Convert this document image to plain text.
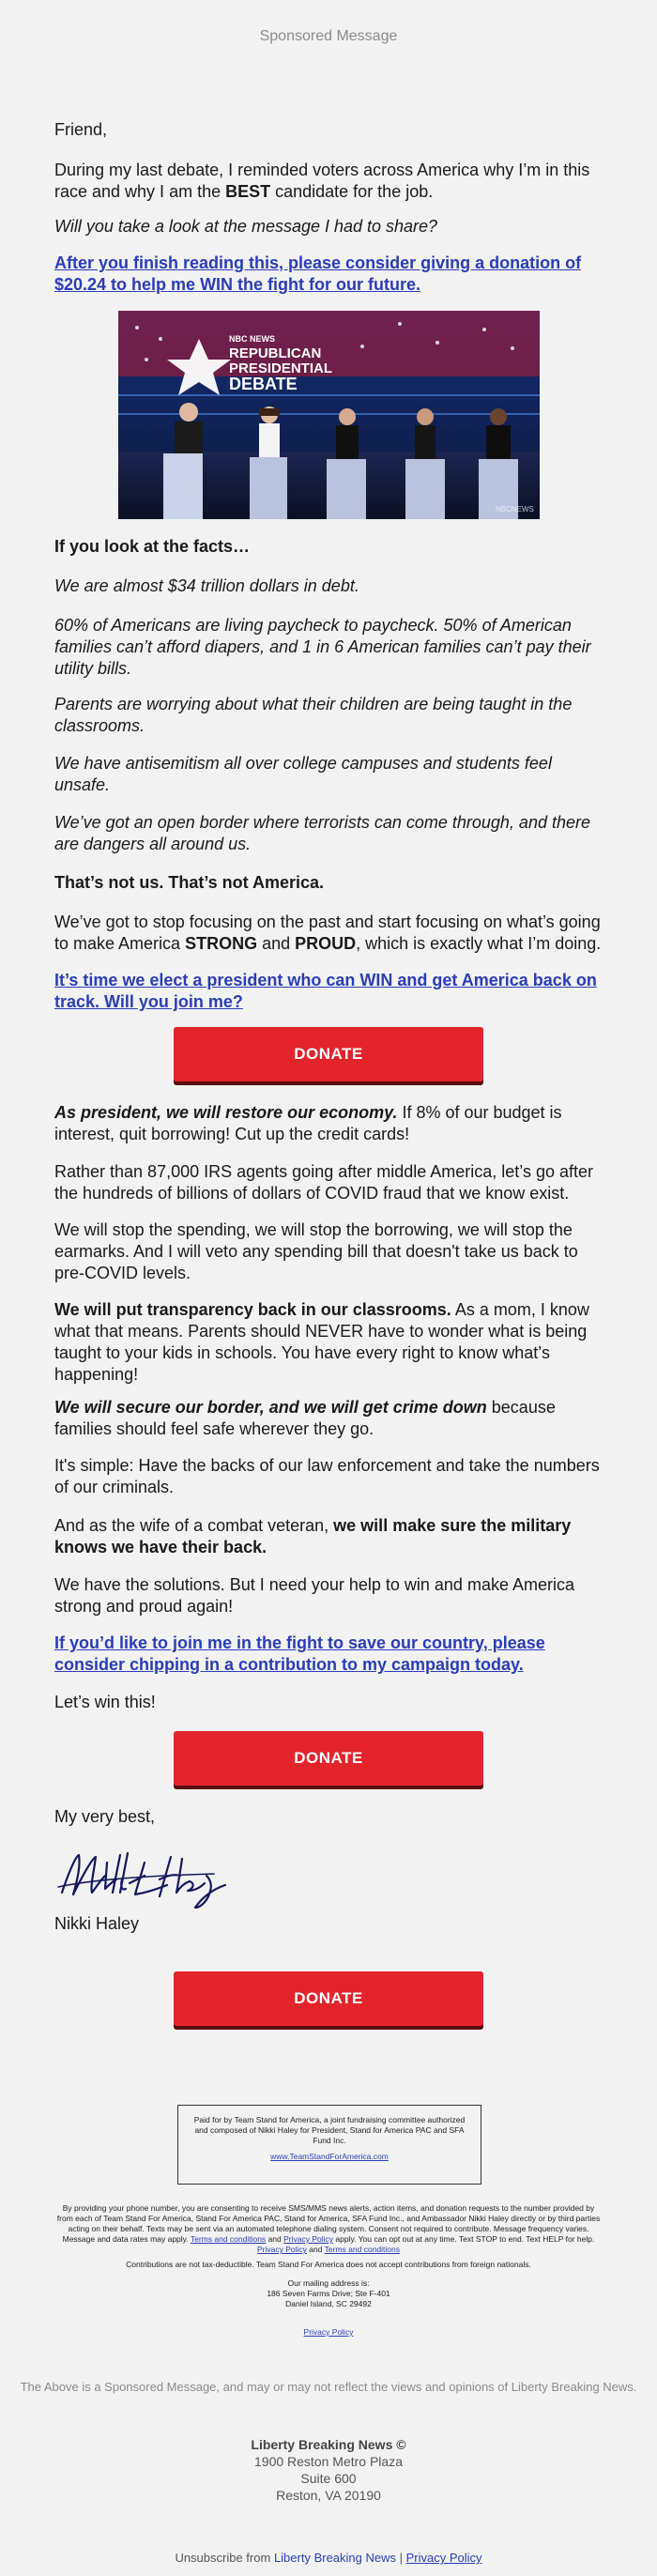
Sponsored Message
Friend,
During my last debate, I reminded voters across America why I’m in this race and why I am the BEST candidate for the job.
Will you take a look at the message I had to share?
After you finish reading this, please consider giving a donation of $20.24 to help me WIN the fight for our future.
NBC NEWS
REPUBLICAN
PRESIDENTIAL
DEBATE
NBCNEWS
If you look at the facts…
We are almost $34 trillion dollars in debt.
60% of Americans are living paycheck to paycheck. 50% of American families can’t afford diapers, and 1 in 6 American families can’t pay their utility bills.
Parents are worrying about what their children are being taught in the classrooms.
We have antisemitism all over college campuses and students feel unsafe.
We’ve got an open border where terrorists can come through, and there are dangers all around us.
That’s not us. That’s not America.
We’ve got to stop focusing on the past and start focusing on what’s going to make America STRONG and PROUD, which is exactly what I’m doing.
It’s time we elect a president who can WIN and get America back on track. Will you join me?
DONATE
As president, we will restore our economy. If 8% of our budget is interest, quit borrowing! Cut up the credit cards!
Rather than 87,000 IRS agents going after middle America, let’s go after the hundreds of billions of dollars of COVID fraud that we know exist.
We will stop the spending, we will stop the borrowing, we will stop the earmarks. And I will veto any spending bill that doesn't take us back to pre-COVID levels.
We will put transparency back in our classrooms. As a mom, I know what that means. Parents should NEVER have to wonder what is being taught to your kids in schools. You have every right to know what’s happening!
We will secure our border, and we will get crime down because families should feel safe wherever they go.
It's simple: Have the backs of our law enforcement and take the numbers of our criminals.
And as the wife of a combat veteran, we will make sure the military knows we have their back.
We have the solutions. But I need your help to win and make America strong and proud again!
If you’d like to join me in the fight to save our country, please consider chipping in a contribution to my campaign today.
Let’s win this!
DONATE
My very best,
Nikki Haley
DONATE
Paid for by Team Stand for America, a joint fundraising committee authorized and composed of Nikki Haley for President, Stand for America PAC and SFA Fund Inc.
www.TeamStandForAmerica.com
By providing your phone number, you are consenting to receive SMS/MMS news alerts, action items, and donation requests to the number provided by from each of Team Stand For America, Stand For America PAC, Stand for America, SFA Fund Inc., and Ambassador Nikki Haley directly or by third parties acting on their behalf. Texts may be sent via an automated telephone dialing system. Consent not required to contribute. Message frequency varies. Message and data rates may apply. Terms and conditions and Privacy Policy apply. You can opt out at any time. Text STOP to end. Text HELP for help. Privacy Policy and Terms and conditions
Contributions are not tax-deductible. Team Stand For America does not accept contributions from foreign nationals.
Our mailing address is:
186 Seven Farms Drive; Ste F-401
Daniel Island, SC 29492
Privacy Policy
The Above is a Sponsored Message, and may or may not reflect the views and opinions of Liberty Breaking News.
Liberty Breaking News ©
1900 Reston Metro Plaza
Suite 600
Reston, VA 20190
Unsubscribe from Liberty Breaking News | Privacy Policy
